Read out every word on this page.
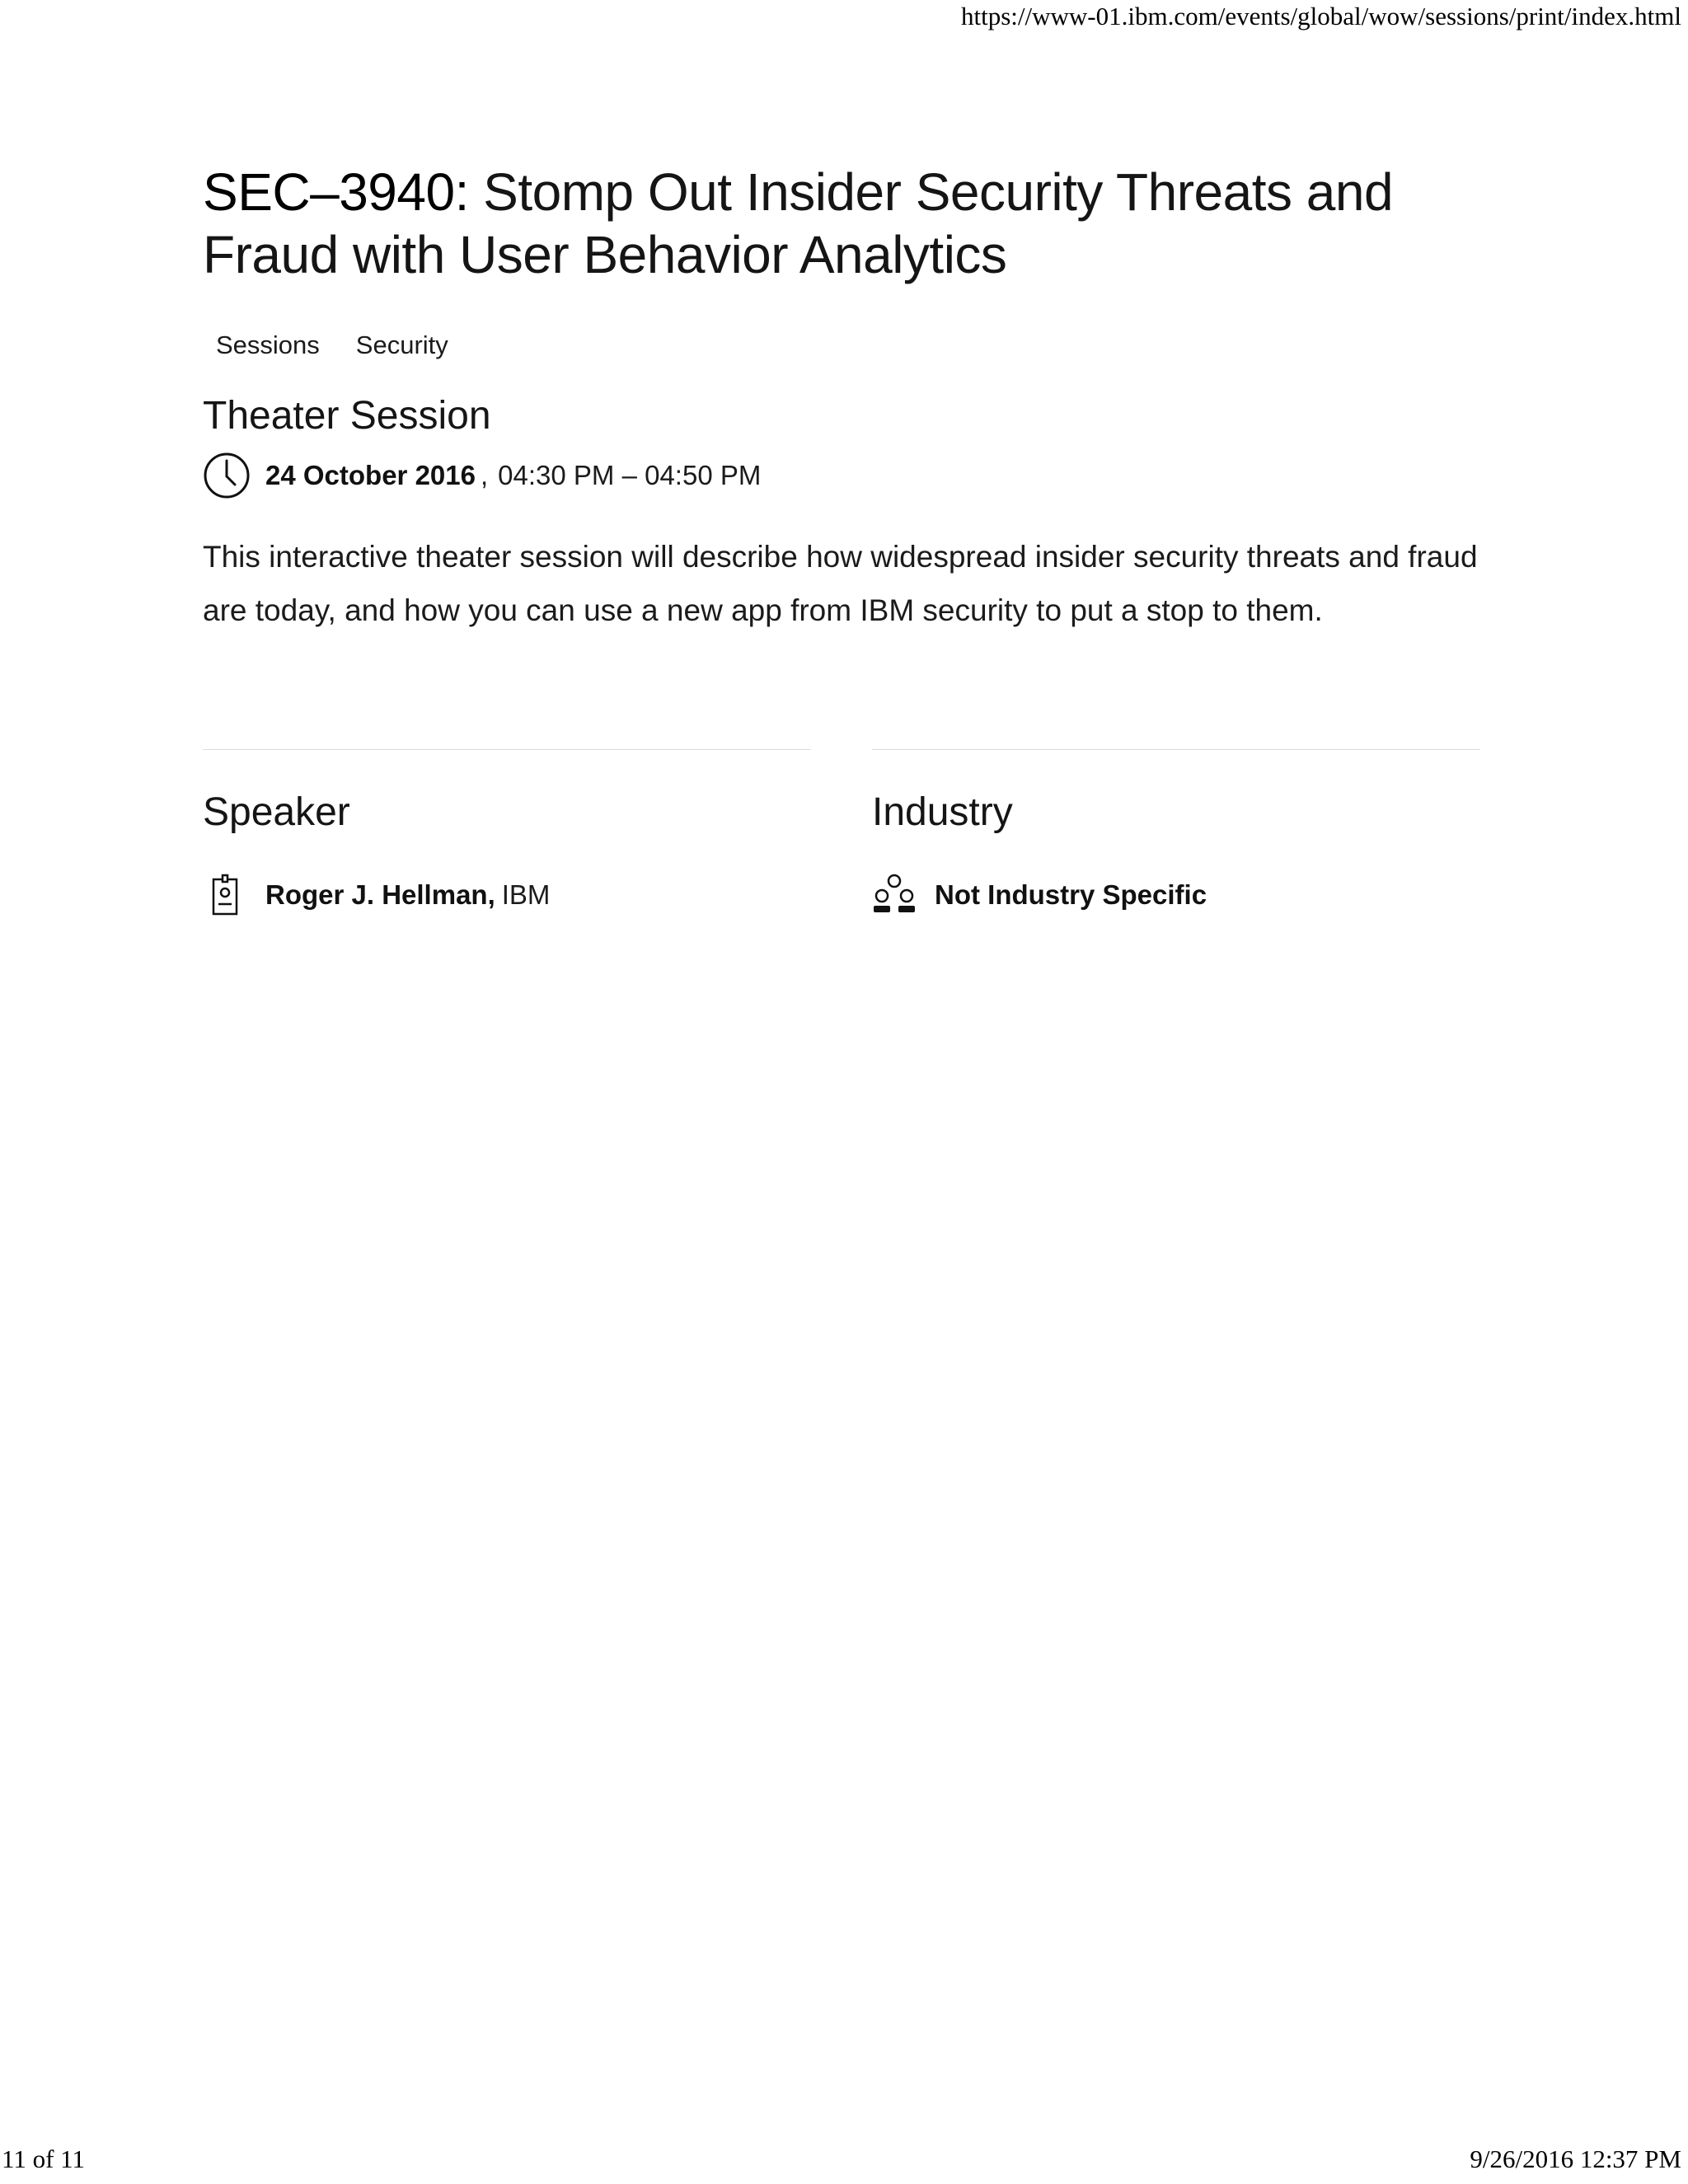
https://www-01.ibm.com/events/global/wow/sessions/print/index.html
SEC–3940: Stomp Out Insider Security Threats and Fraud with User Behavior Analytics
Sessions Security
Theater Session
24 October 2016 , 04:30 PM – 04:50 PM
This interactive theater session will describe how widespread insider security threats and fraud are today, and how you can use a new app from IBM security to put a stop to them.
Speaker
Roger J. Hellman, IBM
Industry
Not Industry Specific
11 of 11	9/26/2016 12:37 PM
